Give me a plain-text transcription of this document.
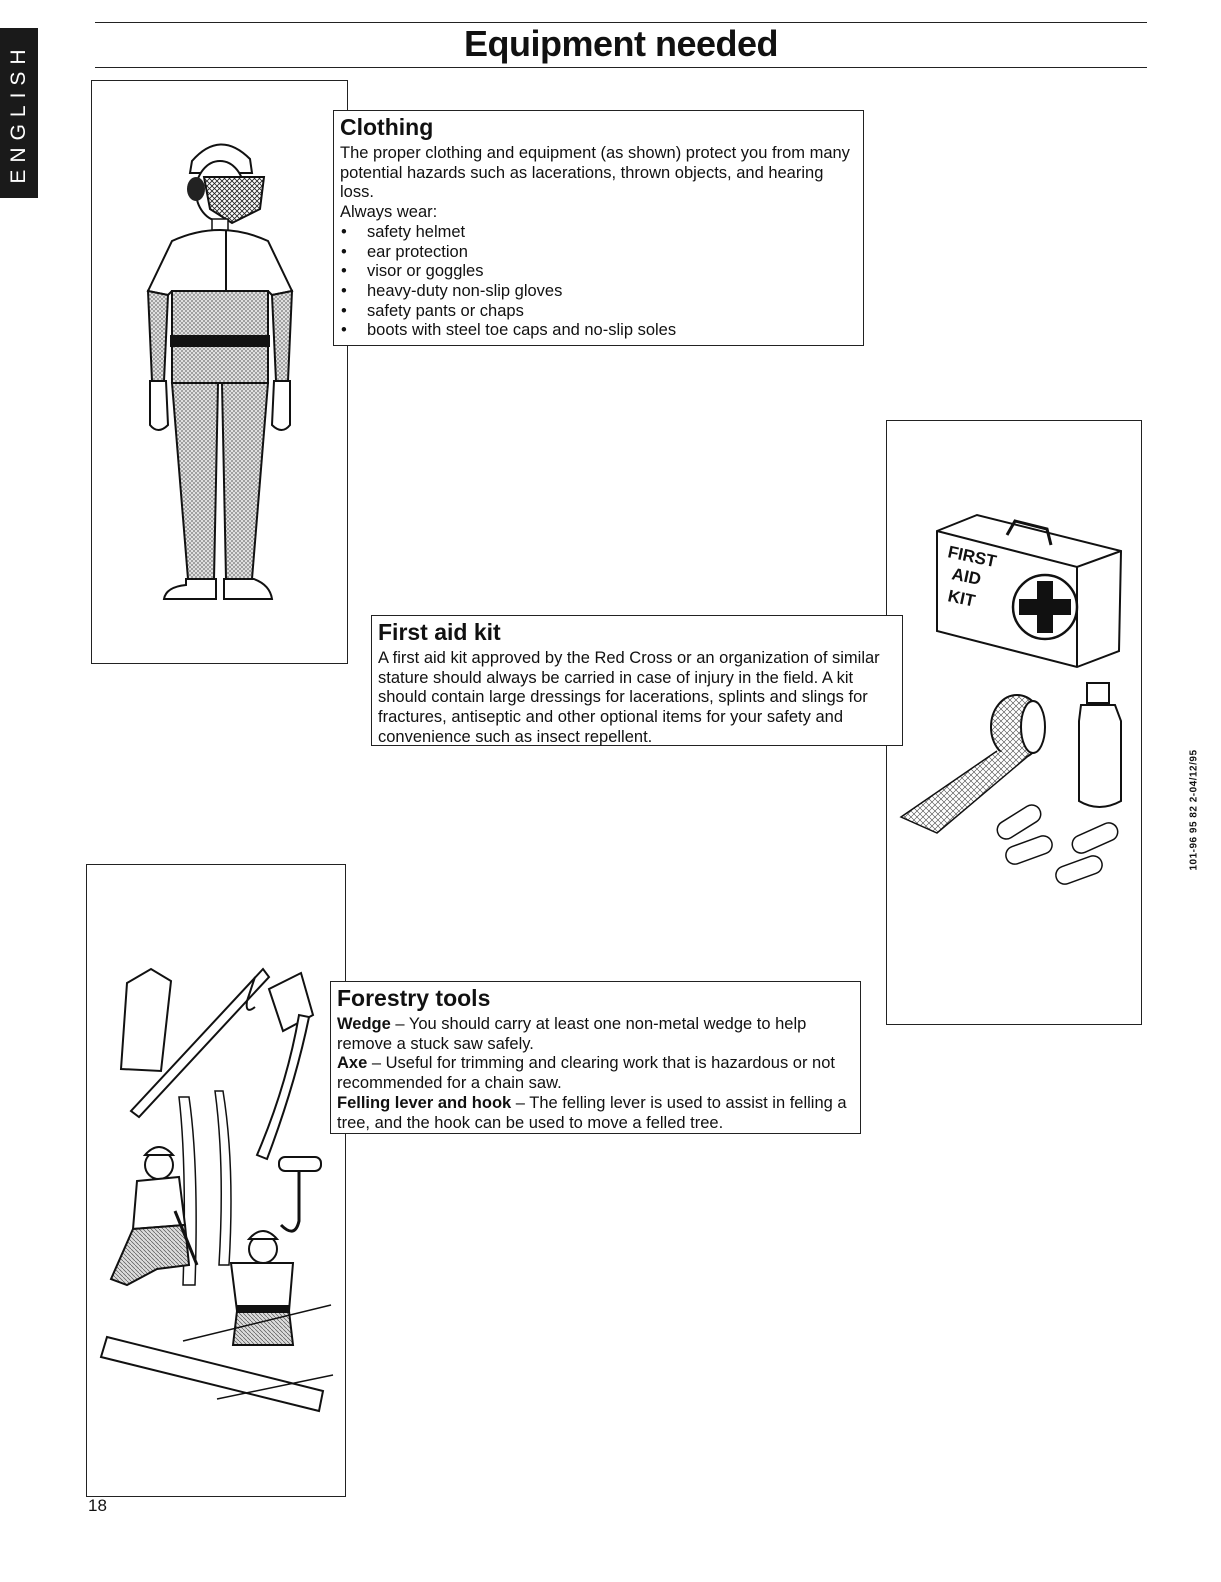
ENGLISH	Equipment needed
Clothing

The proper clothing and equipment (as shown) protect you from many potential hazards such as lacerations, thrown objects, and hearing loss.

Always wear:

• safety helmet
• ear protection
• visor or goggles
• heavy-duty non-slip gloves
• safety pants or chaps
• boots with steel toe caps and no-slip soles
FIRST
AID
KIT
First aid kit

A first aid kit approved by the Red Cross or an organization of similar stature should always be carried in case of injury in the field. A kit should contain large dressings for lacerations, splints and slings for fractures, antiseptic and other optional items for your safety and convenience such as insect repellent.

Forestry tools

Wedge – You should carry at least one non-metal wedge to help remove a stuck saw safely.

Axe – Useful for trimming and clearing work that is hazardous or not recommended for a chain saw.

Felling lever and hook – The felling lever is used to assist in felling a tree, and the hook can be used to move a felled tree.

101-96 95 82 2-04/12/95
18
